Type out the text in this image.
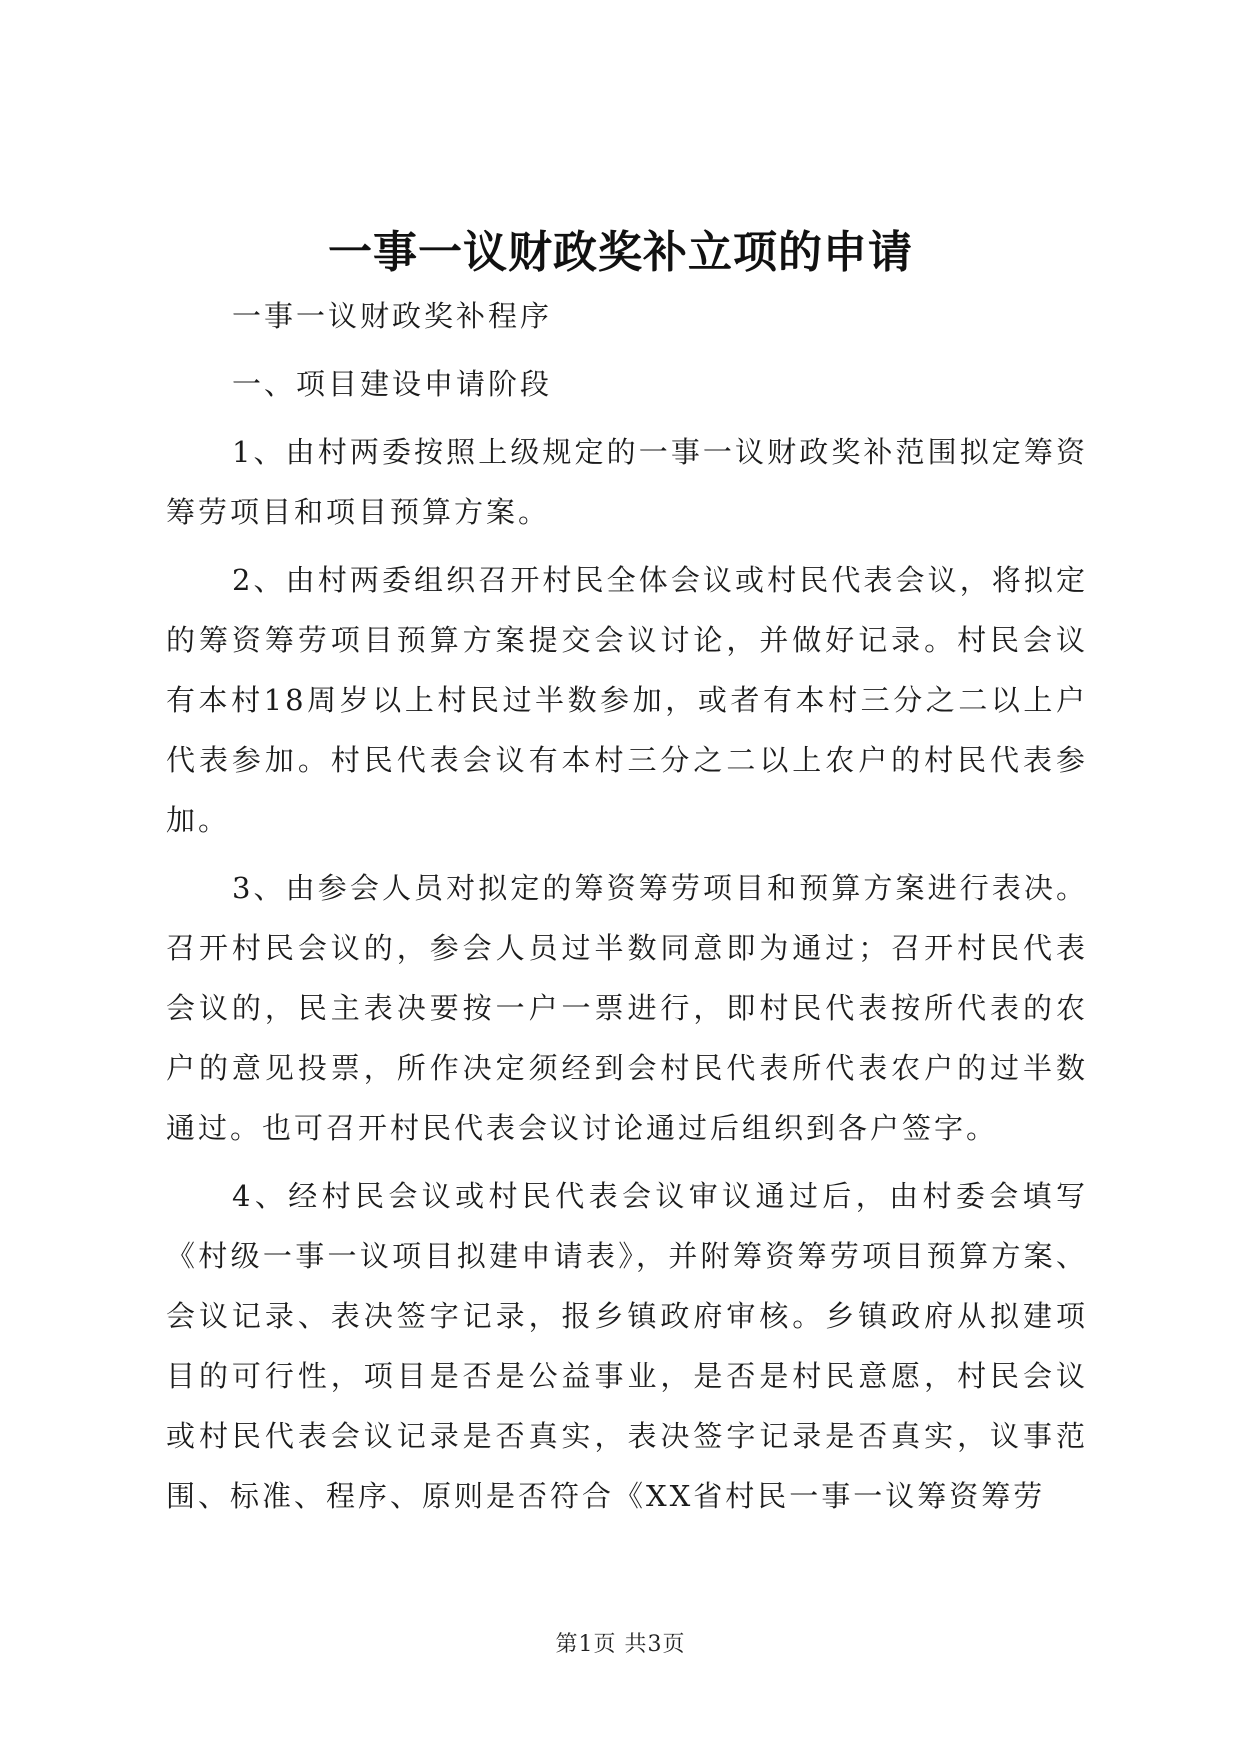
一事一议财政奖补立项的申请

一事一议财政奖补程序

一、项目建设申请阶段

1、由村两委按照上级规定的一事一议财政奖补范围拟定筹资筹劳项目和项目预算方案。

2、由村两委组织召开村民全体会议或村民代表会议，将拟定的筹资筹劳项目预算方案提交会议讨论，并做好记录。村民会议有本村18周岁以上村民过半数参加，或者有本村三分之二以上户代表参加。村民代表会议有本村三分之二以上农户的村民代表参加。

3、由参会人员对拟定的筹资筹劳项目和预算方案进行表决。召开村民会议的，参会人员过半数同意即为通过；召开村民代表会议的，民主表决要按一户一票进行，即村民代表按所代表的农户的意见投票，所作决定须经到会村民代表所代表农户的过半数通过。也可召开村民代表会议讨论通过后组织到各户签字。

4、经村民会议或村民代表会议审议通过后，由村委会填写《村级一事一议项目拟建申请表》，并附筹资筹劳项目预算方案、会议记录、表决签字记录，报乡镇政府审核。乡镇政府从拟建项目的可行性，项目是否是公益事业，是否是村民意愿，村民会议或村民代表会议记录是否真实，表决签字记录是否真实，议事范围、标准、程序、原则是否符合《XX省村民一事一议筹资筹劳

第1页 共3页
